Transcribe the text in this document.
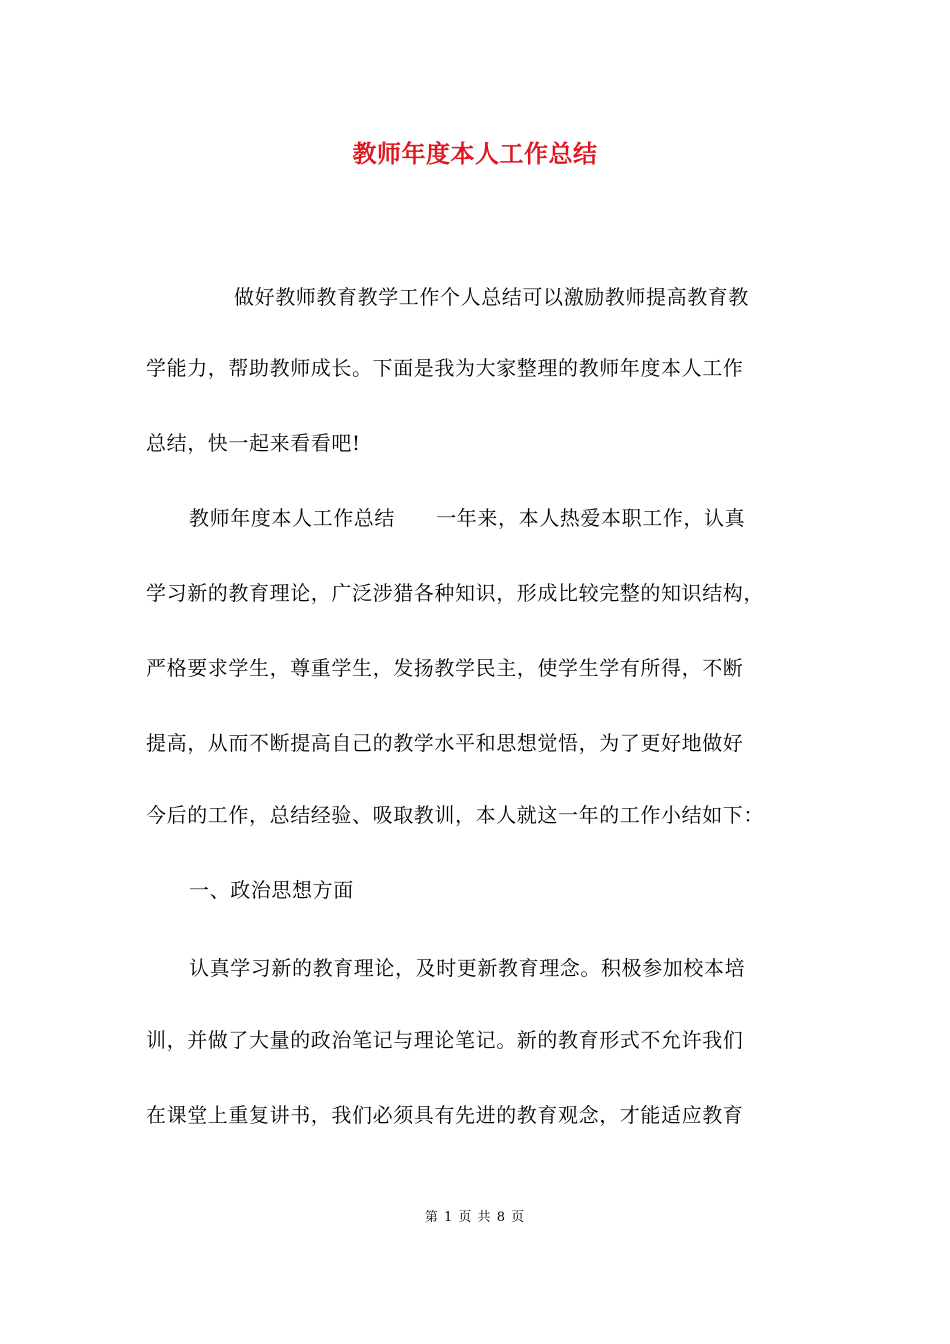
教师年度本人工作总结
做好教师教育教学工作个人总结可以激励教师提高教育教
学能力，帮助教师成长。下面是我为大家整理的教师年度本人工作
总结，快一起来看看吧!
教师年度本人工作总结　　一年来，本人热爱本职工作，认真
学习新的教育理论，广泛涉猎各种知识，形成比较完整的知识结构，
严格要求学生，尊重学生，发扬教学民主，使学生学有所得，不断
提高，从而不断提高自己的教学水平和思想觉悟，为了更好地做好
今后的工作，总结经验、吸取教训，本人就这一年的工作小结如下：
一、政治思想方面
认真学习新的教育理论，及时更新教育理念。积极参加校本培
训，并做了大量的政治笔记与理论笔记。新的教育形式不允许我们
在课堂上重复讲书，我们必须具有先进的教育观念，才能适应教育
第 1 页 共 8 页
